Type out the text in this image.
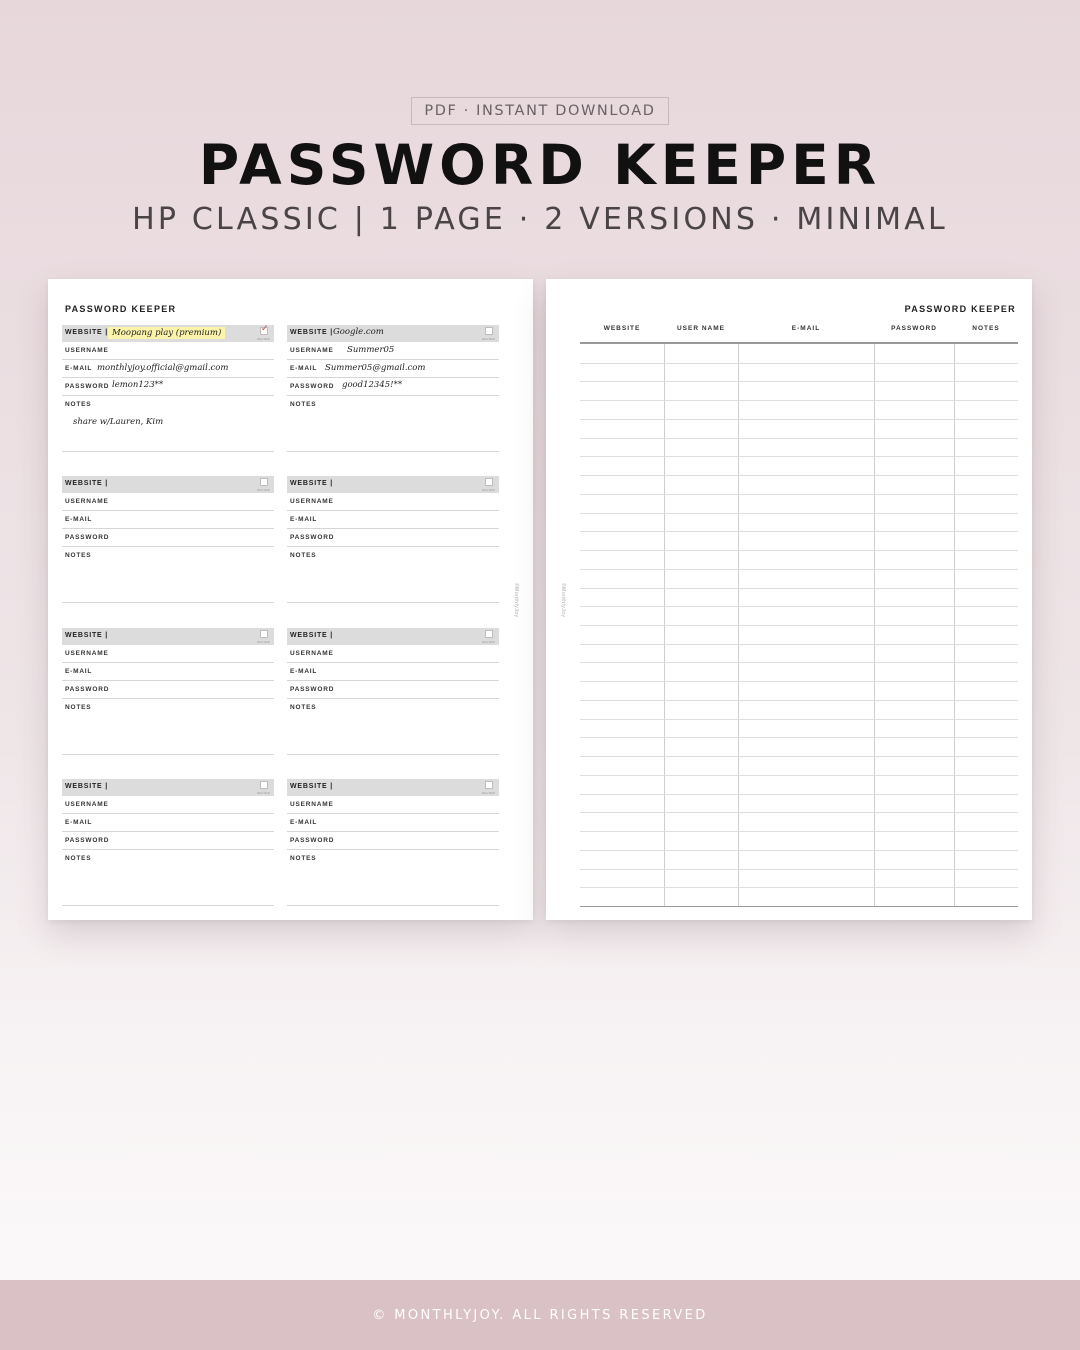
PDF · INSTANT DOWNLOAD
PASSWORD KEEPER
HP CLASSIC | 1 PAGE · 2 VERSIONS · MINIMAL
PASSWORD KEEPER
©MonthlyJoy
WEBSITE | Moopang play (premium)	✓
REVIEW
USERNAME
E-MAIL monthlyjoy.official@gmail.com
PASSWORD lemon123**
NOTES
share w/Lauren, Kim
WEBSITE | Google.com
REVIEW
USERNAME Summer05
E-MAIL Summer05@gmail.com
PASSWORD good12345!**
NOTES
WEBSITE |
REVIEW
USERNAME
E-MAIL
PASSWORD
NOTES
WEBSITE |
REVIEW
USERNAME
E-MAIL
PASSWORD
NOTES
WEBSITE |
REVIEW
USERNAME
E-MAIL
PASSWORD
NOTES
WEBSITE |
REVIEW
USERNAME
E-MAIL
PASSWORD
NOTES
WEBSITE |
REVIEW
USERNAME
E-MAIL
PASSWORD
NOTES
WEBSITE |
REVIEW
USERNAME
E-MAIL
PASSWORD
NOTES
PASSWORD KEEPER
©MonthlyJoy
WEBSITE	USER NAME	E-MAIL	PASSWORD	NOTES
© MONTHLYJOY. ALL RIGHTS RESERVED
